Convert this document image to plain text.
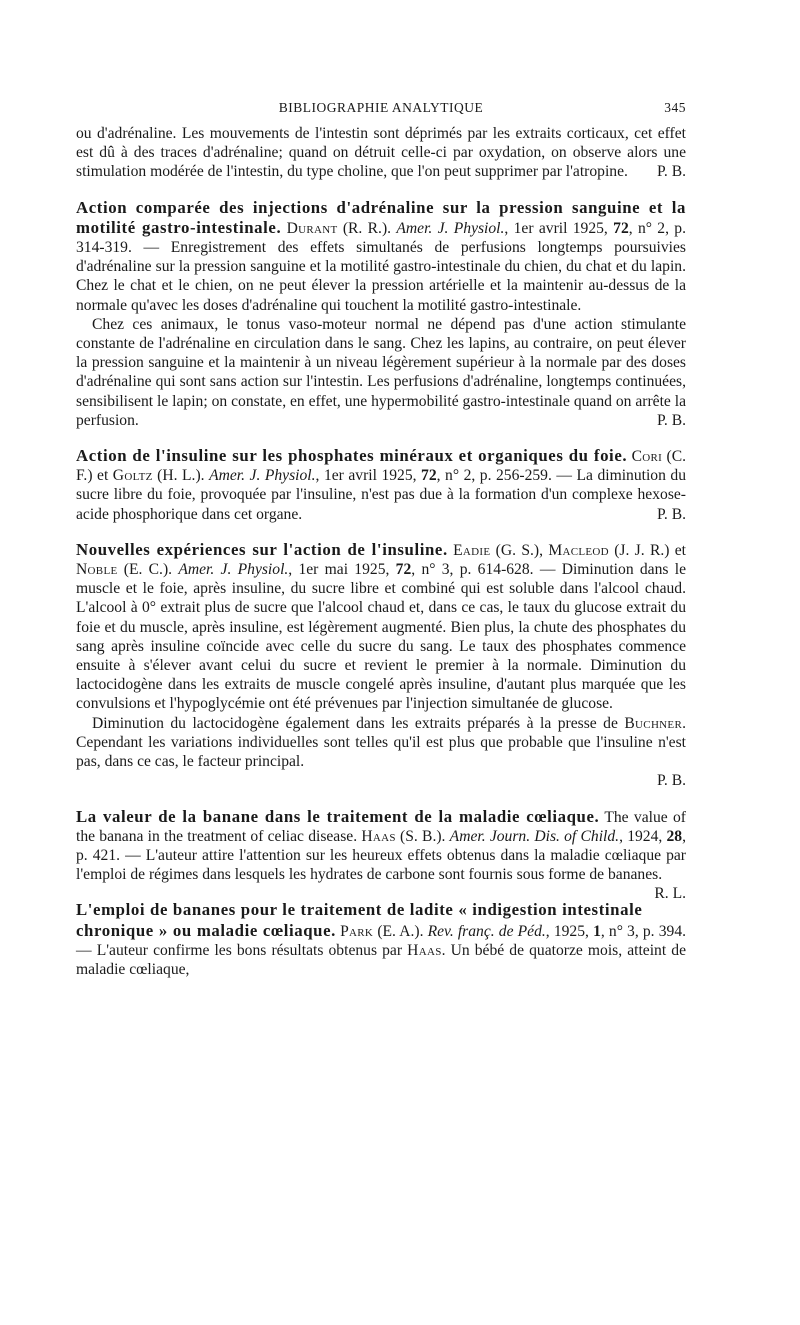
BIBLIOGRAPHIE ANALYTIQUE	345

ou d'adrénaline. Les mouvements de l'intestin sont déprimés par les extraits corticaux, cet effet est dû à des traces d'adrénaline; quand on détruit celle-ci par oxydation, on observe alors une stimulation modérée de l'intestin, du type choline, que l'on peut supprimer par l'atropine. P. B.

Action comparée des injections d'adrénaline sur la pression sanguine et la motilité gastro-intestinale. Durant (R. R.). Amer. J. Physiol., 1er avril 1925, 72, n° 2, p. 314-319. — Enregistrement des effets simultanés de perfusions longtemps poursuivies d'adrénaline sur la pression sanguine et la motilité gastro-intestinale du chien, du chat et du lapin. Chez le chat et le chien, on ne peut élever la pression artérielle et la maintenir au-dessus de la normale qu'avec les doses d'adrénaline qui touchent la motilité gastro-intestinale.

Chez ces animaux, le tonus vaso-moteur normal ne dépend pas d'une action stimulante constante de l'adrénaline en circulation dans le sang. Chez les lapins, au contraire, on peut élever la pression sanguine et la maintenir à un niveau légèrement supérieur à la normale par des doses d'adrénaline qui sont sans action sur l'intestin. Les perfusions d'adrénaline, longtemps continuées, sensibilisent le lapin; on constate, en effet, une hypermobilité gastro-intestinale quand on arrête la perfusion.	P. B.

Action de l'insuline sur les phosphates minéraux et organiques du foie. Cori (C. F.) et Goltz (H. L.). Amer. J. Physiol., 1er avril 1925, 72, n° 2, p. 256-259. — La diminution du sucre libre du foie, provoquée par l'insuline, n'est pas due à la formation d'un complexe hexose-acide phosphorique dans cet organe.	P. B.

Nouvelles expériences sur l'action de l'insuline. Eadie (G. S.), Macleod (J. J. R.) et Noble (E. C.). Amer. J. Physiol., 1er mai 1925, 72, n° 3, p. 614-628. — Diminution dans le muscle et le foie, après insuline, du sucre libre et combiné qui est soluble dans l'alcool chaud. L'alcool à 0° extrait plus de sucre que l'alcool chaud et, dans ce cas, le taux du glucose extrait du foie et du muscle, après insuline, est légèrement augmenté. Bien plus, la chute des phosphates du sang après insuline coïncide avec celle du sucre du sang. Le taux des phosphates commence ensuite à s'élever avant celui du sucre et revient le premier à la normale. Diminution du lactocidogène dans les extraits de muscle congelé après insuline, d'autant plus marquée que les convulsions et l'hypoglycémie ont été prévenues par l'injection simultanée de glucose.

Diminution du lactocidogène également dans les extraits préparés à la presse de Buchner. Cependant les variations individuelles sont telles qu'il est plus que probable que l'insuline n'est pas, dans ce cas, le facteur principal.

P. B.

La valeur de la banane dans le traitement de la maladie cœliaque. The value of the banana in the treatment of celiac disease. Haas (S. B.). Amer. Journ. Dis. of Child., 1924, 28, p. 421. — L'auteur attire l'attention sur les heureux effets obtenus dans la maladie cœliaque par l'emploi de régimes dans lesquels les hydrates de carbone sont fournis sous forme de bananes.
R. L.

L'emploi de bananes pour le traitement de ladite « indigestion intestinale chronique » ou maladie cœliaque. Park (E. A.). Rev. franç. de Péd., 1925, 1, n° 3, p. 394. — L'auteur confirme les bons résultats obtenus par Haas. Un bébé de quatorze mois, atteint de maladie cœliaque,
